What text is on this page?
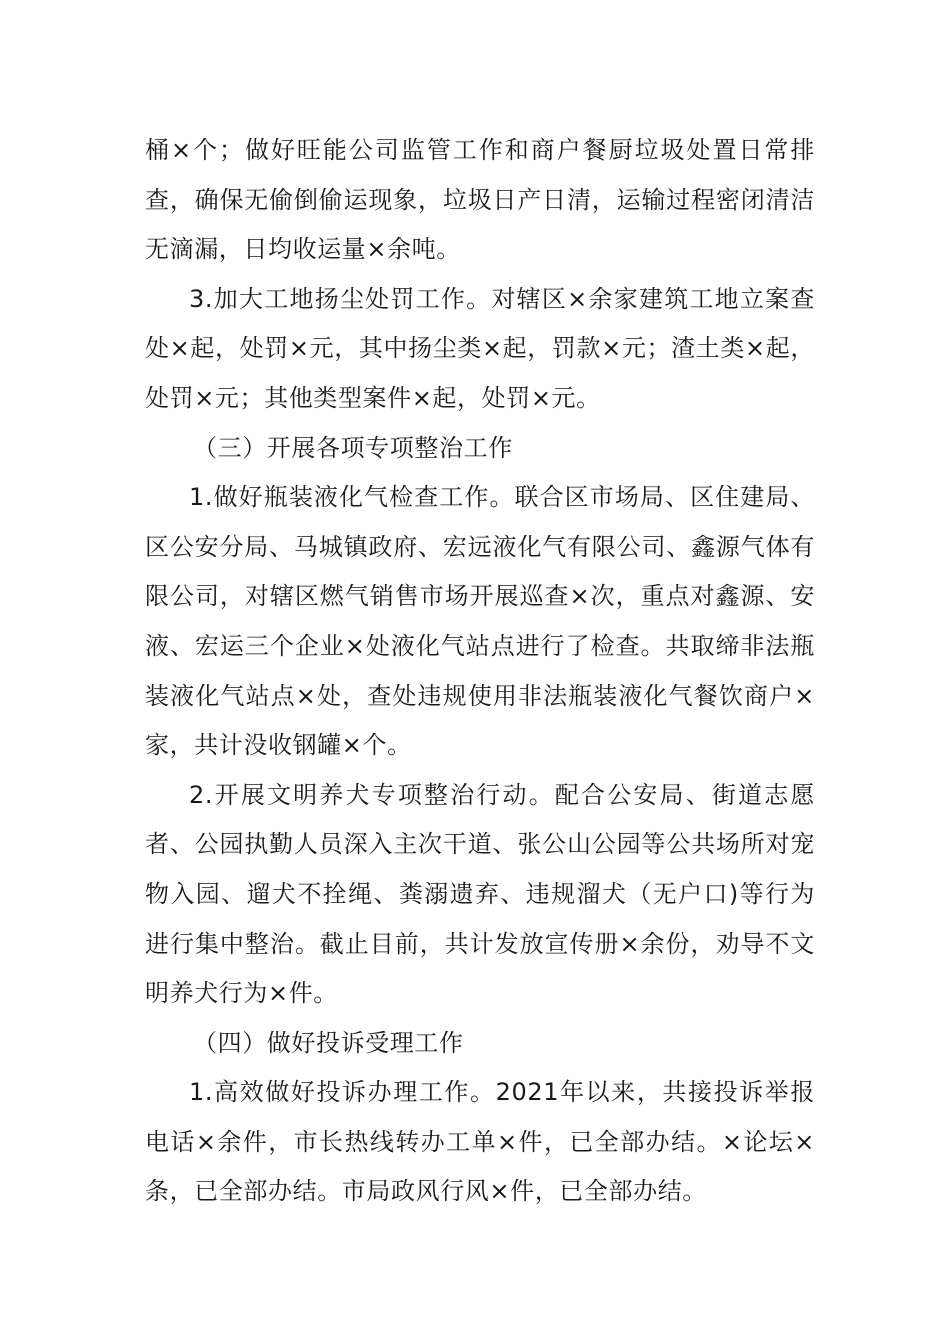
桶×个；做好旺能公司监管工作和商户餐厨垃圾处置日常排查，确保无偷倒偷运现象，垃圾日产日清，运输过程密闭清洁无滴漏，日均收运量×余吨。

3.加大工地扬尘处罚工作。对辖区×余家建筑工地立案查处×起，处罚×元，其中扬尘类×起，罚款×元；渣土类×起，处罚×元；其他类型案件×起，处罚×元。

（三）开展各项专项整治工作

1.做好瓶装液化气检查工作。联合区市场局、区住建局、区公安分局、马城镇政府、宏远液化气有限公司、鑫源气体有限公司，对辖区燃气销售市场开展巡查×次，重点对鑫源、安液、宏运三个企业×处液化气站点进行了检查。共取缔非法瓶装液化气站点×处，查处违规使用非法瓶装液化气餐饮商户×家，共计没收钢罐×个。

2.开展文明养犬专项整治行动。配合公安局、街道志愿者、公园执勤人员深入主次干道、张公山公园等公共场所对宠物入园、遛犬不拴绳、粪溺遗弃、违规溜犬（无户口)等行为进行集中整治。截止目前，共计发放宣传册×余份，劝导不文明养犬行为×件。

（四）做好投诉受理工作

1.高效做好投诉办理工作。2021年以来，共接投诉举报电话×余件，市长热线转办工单×件，已全部办结。×论坛×条，已全部办结。市局政风行风×件，已全部办结。
